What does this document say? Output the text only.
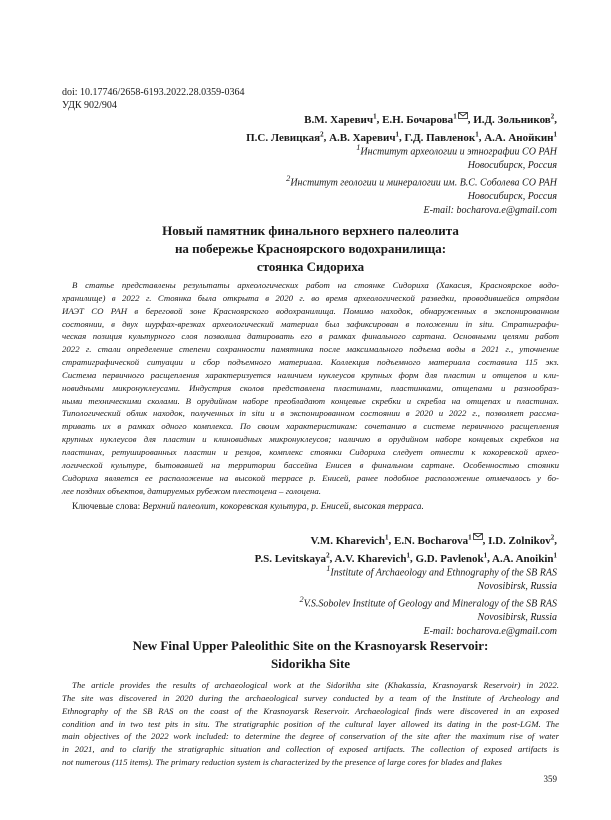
doi: 10.17746/2658-6193.2022.28.0359-0364
УДК 902/904
В.М. Харевич$^1$, Е.Н. Бочарова$^1$ , И.Д. Зольников$^2$,
П.С. Левицкая$^2$, А.В. Харевич$^1$, Г.Д. Павленок$^1$, А.А. Анойкин$^1$
$^1$Институт археологии и этнографии СО РАН
Новосибирск, Россия
$^2$Институт геологии и минералогии им. В.С. Соболева СО РАН
Новосибирск, Россия
E-mail: bocharova.e@gmail.com
Новый памятник финального верхнего палеолита
на побережье Красноярского водохранилища:
стоянка Сидориха
В статье представлены результаты археологических работ на стоянке Сидориха (Хакасия, Красноярское водо-
хранилище) в 2022 г. Стоянка была открыта в 2020 г. во время археологической разведки, проводившейся отрядом
ИАЭТ СО РАН в береговой зоне Красноярского водохранилища. Помимо находок, обнаруженных в экспонированном
состоянии, в двух шурфах-врезках археологический материал был зафиксирован в положении in situ. Стратиграфи-
ческая позиция культурного слоя позволила датировать его в рамках финального сартана. Основными целями работ
2022 г. стали определение степени сохранности памятника после максимального подъема воды в 2021 г., уточнение
стратиграфической ситуации и сбор подъемного материала. Коллекция подъемного материала составила 115 экз.
Система первичного расщепления характеризуется наличием нуклеусов крупных форм для пластин и отщепов и кли-
новидными микронуклеусами. Индустрия сколов представлена пластинами, пластинками, отщепами и разнообраз-
ными техническими сколами. В орудийном наборе преобладают концевые скребки и скребла на отщепах и пластинах.
Типологический облик находок, полученных in situ и в экспонированном состоянии в 2020 и 2022 г., позволяет рассма-
тривать их в рамках одного комплекса. По своим характеристикам: сочетанию в системе первичного расщепления
крупных нуклеусов для пластин и клиновидных микронуклеусов; наличию в орудийном наборе концевых скребков на
пластинах, ретушированных пластин и резцов, комплекс стоянки Сидориха следует отнести к кокоревской архео-
логической культуре, бытовавшей на территории бассейна Енисея в финальном сартане. Особенностью стоянки
Сидориха является ее расположение на высокой террасе р. Енисей, ранее подобное расположение отмечалось у бо-
лее поздних объектов, датируемых рубежом плестоцена – голоцена.
Ключевые слова: Верхний палеолит, кокоревская культура, р. Енисей, высокая терраса.
V.M. Kharevich$^1$, E.N. Bocharova$^1$ , I.D. Zolnikov$^2$,
P.S. Levitskaya$^2$, A.V. Kharevich$^1$, G.D. Pavlenok$^1$, A.A. Anoikin$^1$
$^1$Institute of Archaeology and Ethnography of the SB RAS
Novosibirsk, Russia
$^2$V.S.Sobolev Institute of Geology and Mineralogy of the SB RAS
Novosibirsk, Russia
E-mail: bocharova.e@gmail.com
New Final Upper Paleolithic Site on the Krasnoyarsk Reservoir:
Sidorikha Site
The article provides the results of archaeological work at the Sidorikha site (Khakassia, Krasnoyarsk Reservoir) in 2022.
The site was discovered in 2020 during the archaeological survey conducted by a team of the Institute of Archeology and
Ethnography of the SB RAS on the coast of the Krasnoyarsk Reservoir. Archaeological finds were discovered in an exposed
condition and in two test pits in situ. The stratigraphic position of the cultural layer allowed its dating in the post-LGM. The
main objectives of the 2022 work included: to determine the degree of conservation of the site after the maximum rise of water
in 2021, and to clarify the stratigraphic situation and collection of exposed artifacts. The collection of exposed artifacts is
not numerous (115 items). The primary reduction system is characterized by the presence of large cores for blades and flakes
359
